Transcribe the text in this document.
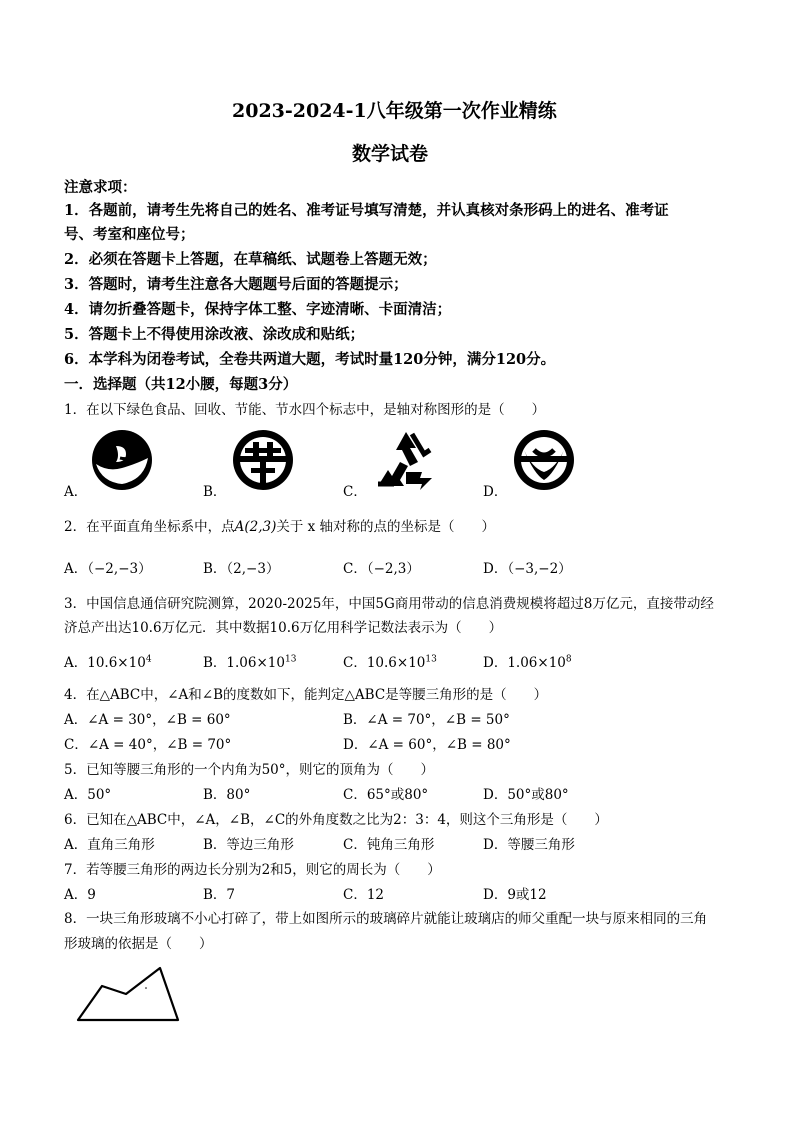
2023-2024-1八年级第一次作业精练
数学试卷
注意求项：
1．各题前，请考生先将自己的姓名、准考证号填写清楚，并认真核对条形码上的进名、准考证
号、考室和座位号；
2．必须在答题卡上答题，在草稿纸、试题卷上答题无效；
3．答题时，请考生注意各大题题号后面的答题提示；
4．请勿折叠答题卡，保持字体工整、字迹清晰、卡面清洁；
5．答题卡上不得使用涂改液、涂改成和贴纸；
6．本学科为闭卷考试，全卷共两道大题，考试时量120分钟，满分120分。
一．选择题（共12小腰，每题3分）
1．在以下绿色食品、回收、节能、节水四个标志中，是轴对称图形的是（　　）
A．	B．	C．	D．
2．在平面直角坐标系中，点A(2,3)关于 x 轴对称的点的坐标是（　　）
A．（−2,−3）	B．（2,−3）	C．（−2,3）	D．（−3,−2）
3．中国信息通信研究院测算，2020-2025年，中国5G商用带动的信息消费规模将超过8万亿元，直接带动经
济总产出达10.6万亿元．其中数据10.6万亿用科学记数法表示为（　　）
A．$10.6\times 10^4$	B．$1.06\times 10^{13}$	C．$10.6\times 10^{13}$	D．$1.06\times 10^8$
4．在△ABC中，∠A和∠B的度数如下，能判定△ABC是等腰三角形的是（　　）
A．∠A = 30°，∠B = 60°	B．∠A = 70°，∠B = 50°
C．∠A = 40°，∠B = 70°	D．∠A = 60°，∠B = 80°
5．已知等腰三角形的一个内角为50°，则它的顶角为（　　）
A．50°	B．80°	C．65°或80°	D．50°或80°
6．已知在△ABC中，∠A，∠B，∠C的外角度数之比为2：3：4，则这个三角形是（　　）
A．直角三角形	B．等边三角形	C．钝角三角形	D．等腰三角形
7．若等腰三角形的两边长分别为2和5，则它的周长为（　　）
A．9	B．7	C．12	D．9或12
8．一块三角形玻璃不小心打碎了，带上如图所示的玻璃碎片就能让玻璃店的师父重配一块与原来相同的三角
形玻璃的依据是（　　）
